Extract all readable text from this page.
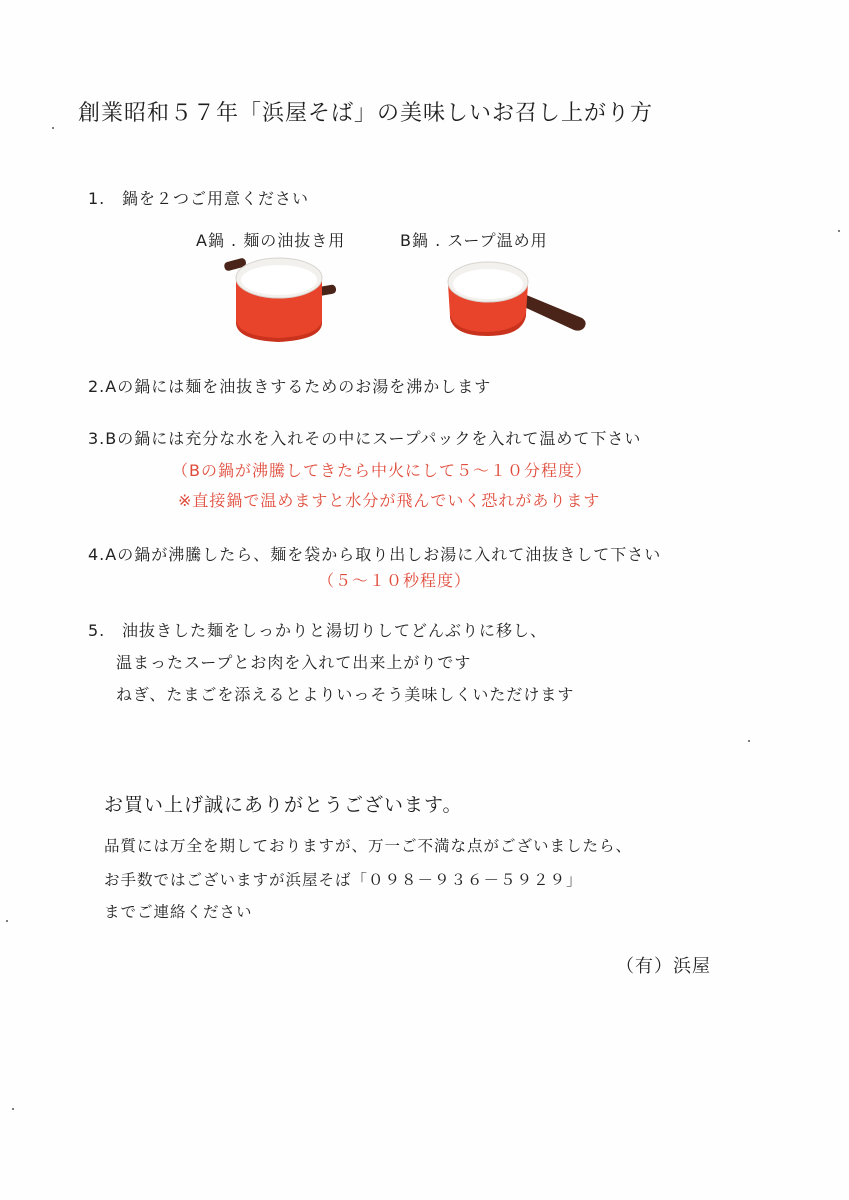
創業昭和５７年「浜屋そば」の美味しいお召し上がり方
1. 鍋を２つご用意ください
A鍋 . 麺の油抜き用	B鍋 . スープ温め用
2.Aの鍋には麺を油抜きするためのお湯を沸かします
3.Bの鍋には充分な水を入れその中にスープパックを入れて温めて下さい
（Bの鍋が沸騰してきたら中火にして５～１０分程度）
※直接鍋で温めますと水分が飛んでいく恐れがあります
4.Aの鍋が沸騰したら、麺を袋から取り出しお湯に入れて油抜きして下さい
（５～１０秒程度）
5. 油抜きした麺をしっかりと湯切りしてどんぶりに移し、
温まったスープとお肉を入れて出来上がりです
ねぎ、たまごを添えるとよりいっそう美味しくいただけます
お買い上げ誠にありがとうございます。
品質には万全を期しておりますが、万一ご不満な点がございましたら、
お手数ではございますが浜屋そば「０９８－９３６－５９２９」
までご連絡ください
（有）浜屋
